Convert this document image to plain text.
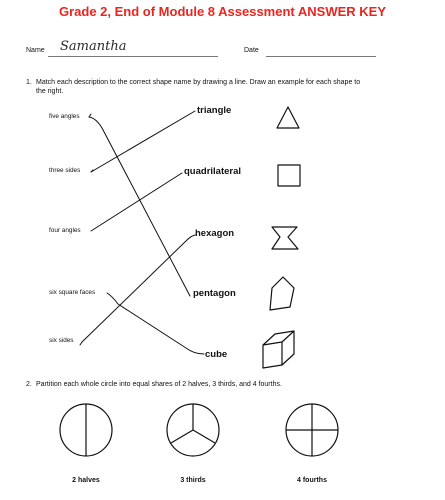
Grade 2, End of Module 8 Assessment ANSWER KEY
Name Samantha	Date
1. Match each description to the correct shape name by drawing a line. Draw an example for each shape to
the right.
five angles
three sides
four angles
six square faces
six sides
triangle
quadrilateral
hexagon
pentagon
cube
2. Partition each whole circle into equal shares of 2 halves, 3 thirds, and 4 fourths.
2 halves	3 thirds	4 fourths
